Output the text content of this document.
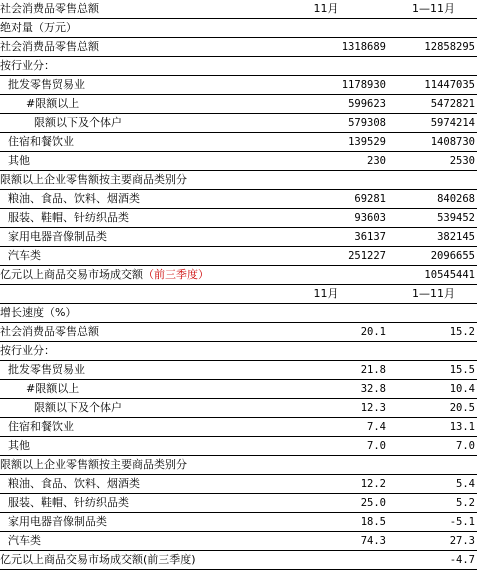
社会消费品零售总额	11月	1—11月
绝对量（万元）		
社会消费品零售总额	1318689	12858295
按行业分：		
批发零售贸易业	1178930	11447035
#限额以上	599623	5472821
限额以下及个体户	579308	5974214
住宿和餐饮业	139529	1408730
其他	230	2530
限额以上企业零售额按主要商品类别分		
粮油、食品、饮料、烟酒类	69281	840268
服装、鞋帽、针纺织品类	93603	539452
家用电器音像制品类	36137	382145
汽车类	251227	2096655
亿元以上商品交易市场成交额（前三季度）		10545441
	11月	1—11月
增长速度（%）		
社会消费品零售总额	20.1	15.2
按行业分：		
批发零售贸易业	21.8	15.5
#限额以上	32.8	10.4
限额以下及个体户	12.3	20.5
住宿和餐饮业	7.4	13.1
其他	7.0	7.0
限额以上企业零售额按主要商品类别分		
粮油、食品、饮料、烟酒类	12.2	5.4
服装、鞋帽、针纺织品类	25.0	5.2
家用电器音像制品类	18.5	-5.1
汽车类	74.3	27.3
亿元以上商品交易市场成交额(前三季度)		-4.7
